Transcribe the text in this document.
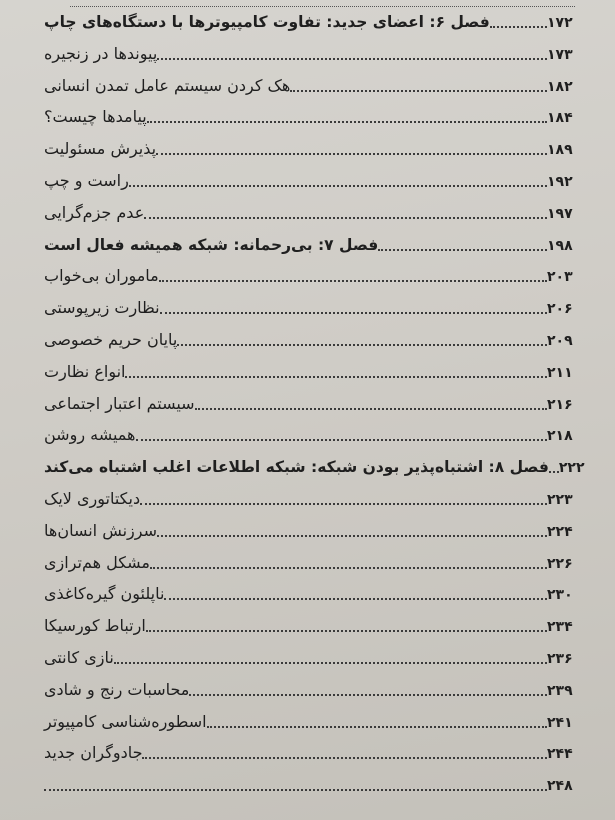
فصل ۶: اعضای جدید: تفاوت کامپیوترها با دستگاه‌های چاپ	۱۷۲
پیوندها در زنجیره	۱۷۳
هک کردن سیستم عامل تمدن انسانی	۱۸۲
پیامدها چیست؟	۱۸۴
پذیرش مسئولیت	۱۸۹
راست و چپ	۱۹۲
عدم جزم‌گرایی	۱۹۷
فصل ۷: بی‌رحمانه: شبکه همیشه فعال است	۱۹۸
ماموران بی‌خواب	۲۰۳
نظارت زیرپوستی	۲۰۶
پایان حریم خصوصی	۲۰۹
انواع نظارت	۲۱۱
سیستم اعتبار اجتماعی	۲۱۶
همیشه روشن	۲۱۸
فصل ۸: اشتباه‌پذیر بودن شبکه: شبکه اطلاعات اغلب اشتباه می‌کند ۲۲۲
دیکتاتوری لایک	۲۲۳
سرزنش انسان‌ها	۲۲۴
مشکل هم‌ترازی	۲۲۶
ناپلئون گیره‌کاغذی	۲۳۰
ارتباط کورسیکا	۲۳۴
نازی کانتی	۲۳۶
محاسبات رنج و شادی	۲۳۹
اسطوره‌شناسی کامپیوتر	۲۴۱
جادوگران جدید	۲۴۴
۲۴۸
